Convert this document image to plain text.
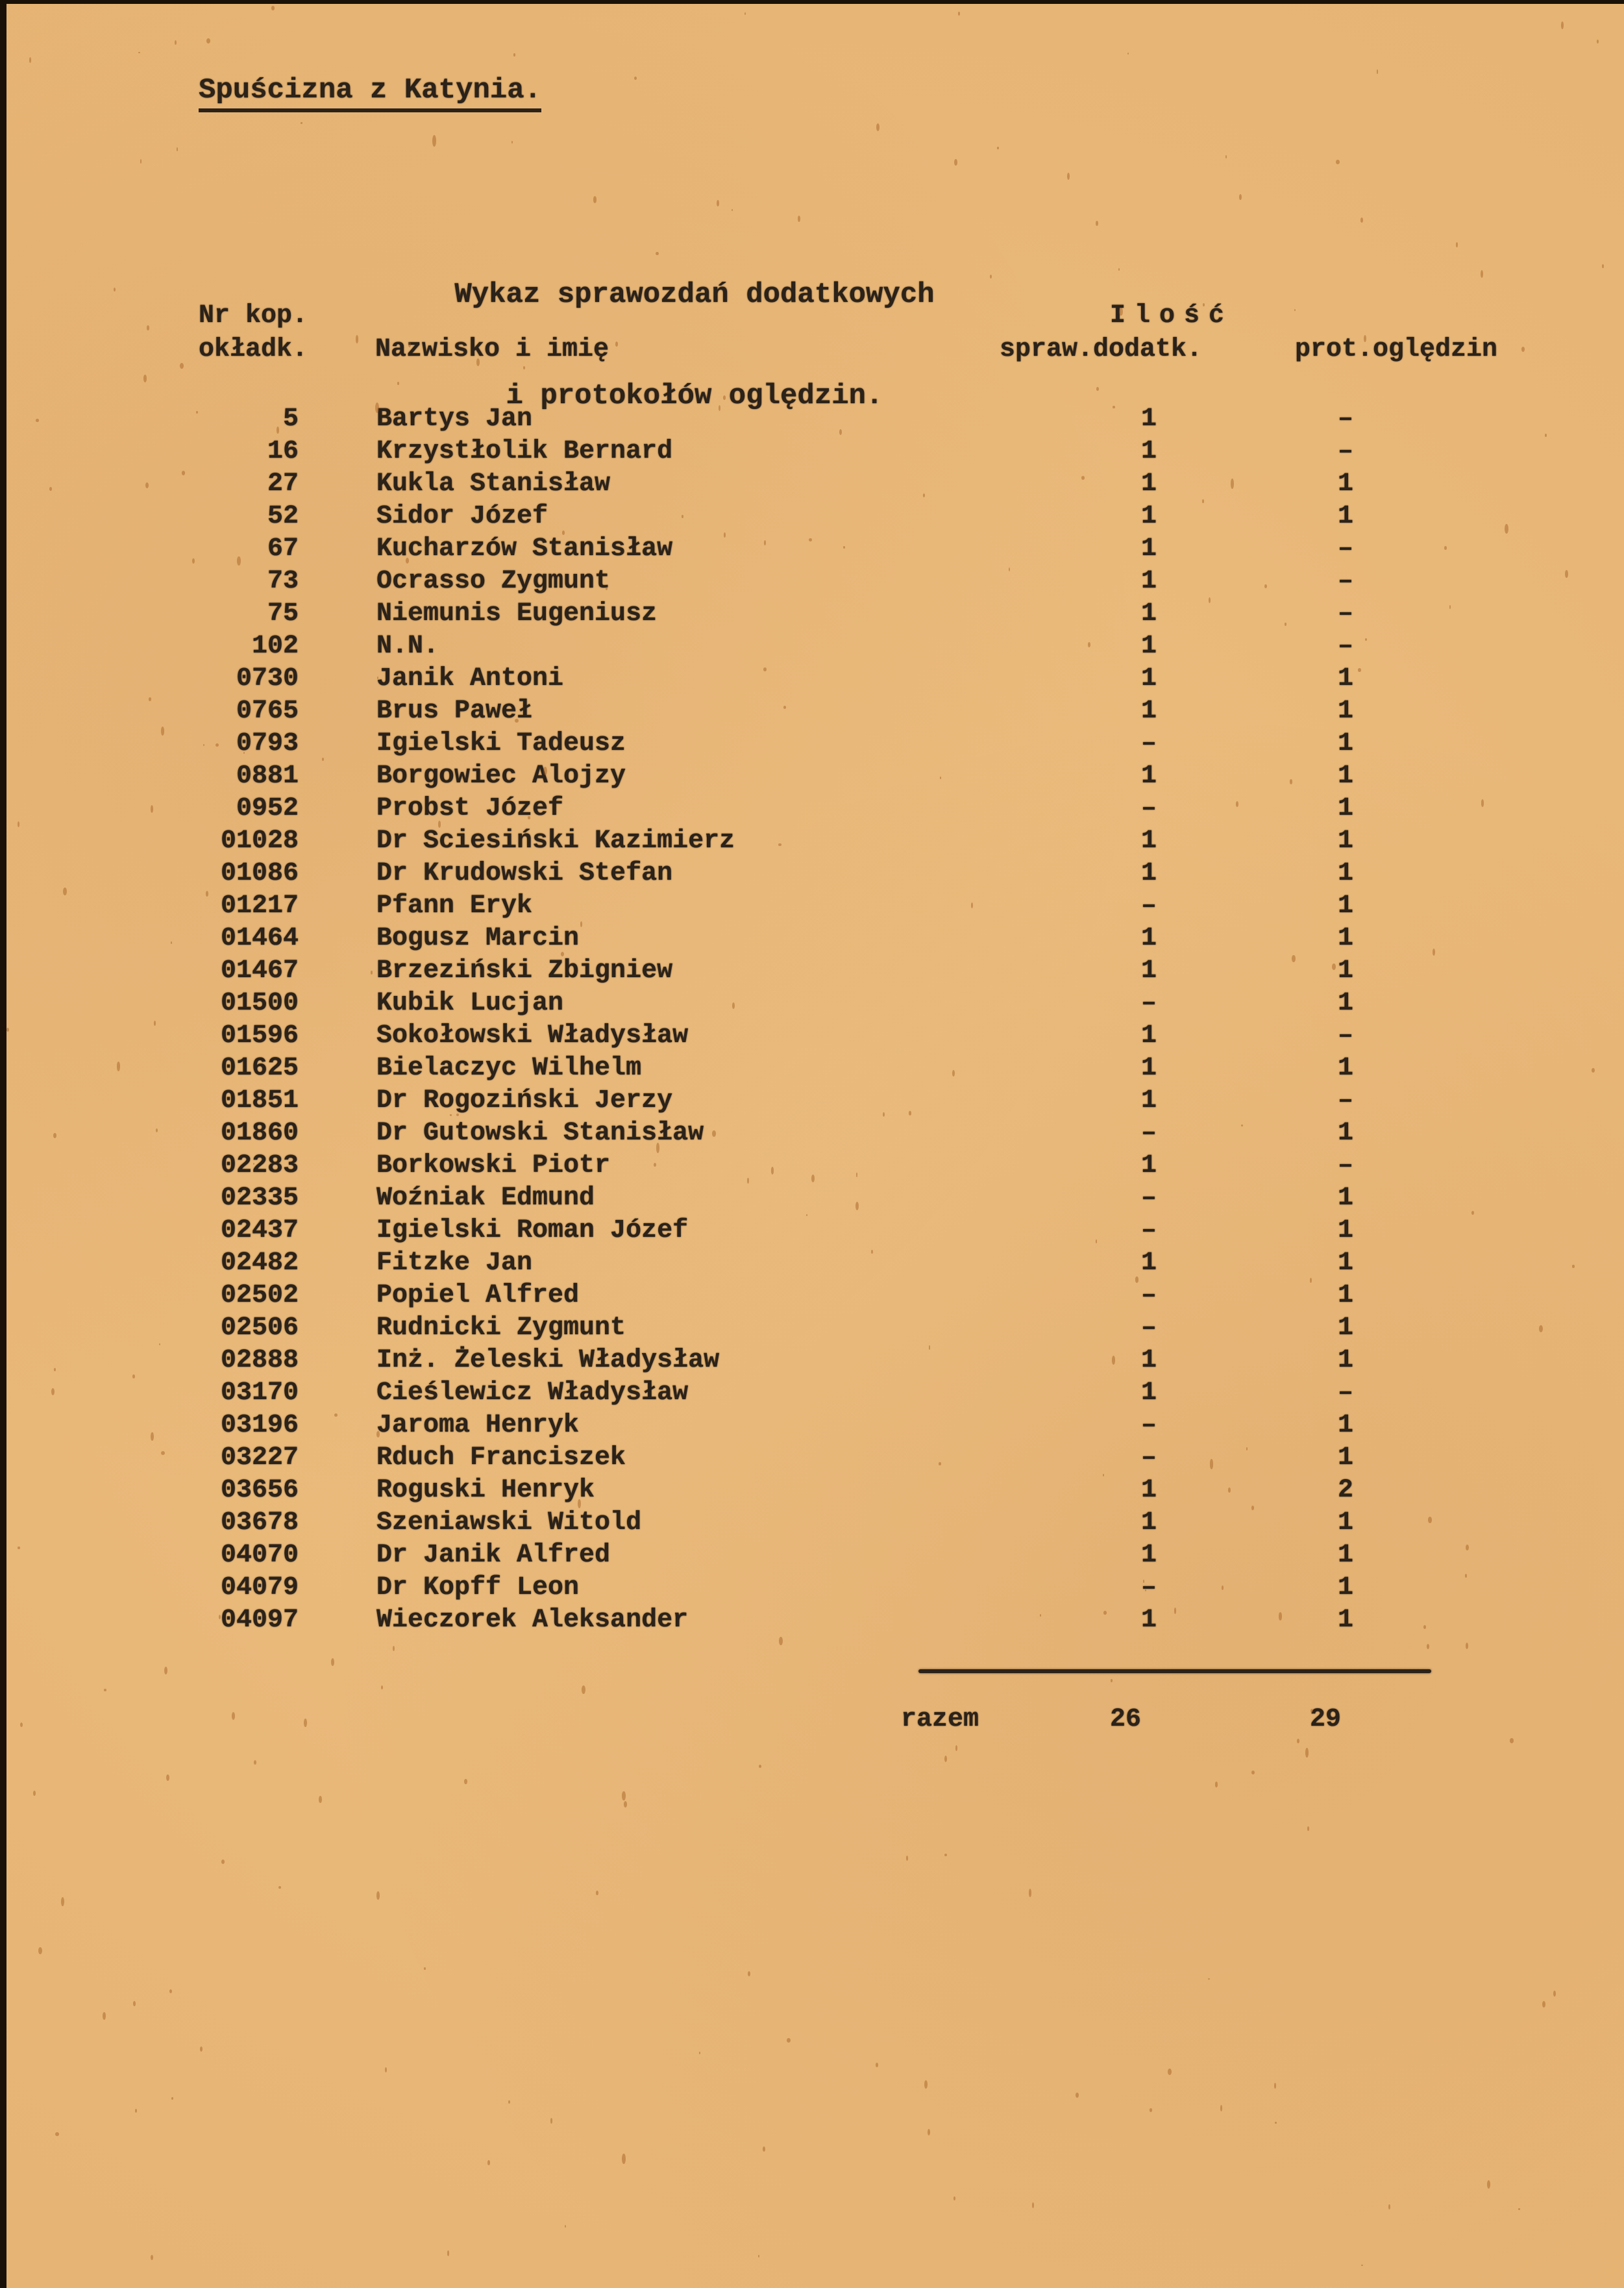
Spuścizna z Katynia.

Wykaz sprawozdań dodatkowych

i protokołów oględzin.

Nr kop.
okładk.	Nazwisko i imię
Ilość
spraw.dodatk.	prot.oględzin
5	Bartys Jan	1	–
16	Krzystłolik Bernard	1	–
27	Kukla Stanisław	1	1
52	Sidor Józef	1	1
67	Kucharzów Stanisław	1	–
73	Ocrasso Zygmunt	1	–
75	Niemunis Eugeniusz	1	–
102	N.N.	1	–
0730	Janik Antoni	1	1
0765	Brus Paweł	1	1
0793	Igielski Tadeusz	–	1
0881	Borgowiec Alojzy	1	1
0952	Probst Józef	–	1
01028	Dr Sciesiński Kazimierz	1	1
01086	Dr Krudowski Stefan	1	1
01217	Pfann Eryk	–	1
01464	Bogusz Marcin	1	1
01467	Brzeziński Zbigniew	1	1
01500	Kubik Lucjan	–	1
01596	Sokołowski Władysław	1	–
01625	Bielaczyc Wilhelm	1	1
01851	Dr Rogoziński Jerzy	1	–
01860	Dr Gutowski Stanisław	–	1
02283	Borkowski Piotr	1	–
02335	Woźniak Edmund	–	1
02437	Igielski Roman Józef	–	1
02482	Fitzke Jan	1	1
02502	Popiel Alfred	–	1
02506	Rudnicki Zygmunt	–	1
02888	Inż. Żeleski Władysław	1	1
03170	Cieślewicz Władysław	1	–
03196	Jaroma Henryk	–	1
03227	Rduch Franciszek	–	1
03656	Roguski Henryk	1	2
03678	Szeniawski Witold	1	1
04070	Dr Janik Alfred	1	1
04079	Dr Kopff Leon	–	1
04097	Wieczorek Aleksander	1	1
razem	26	29
